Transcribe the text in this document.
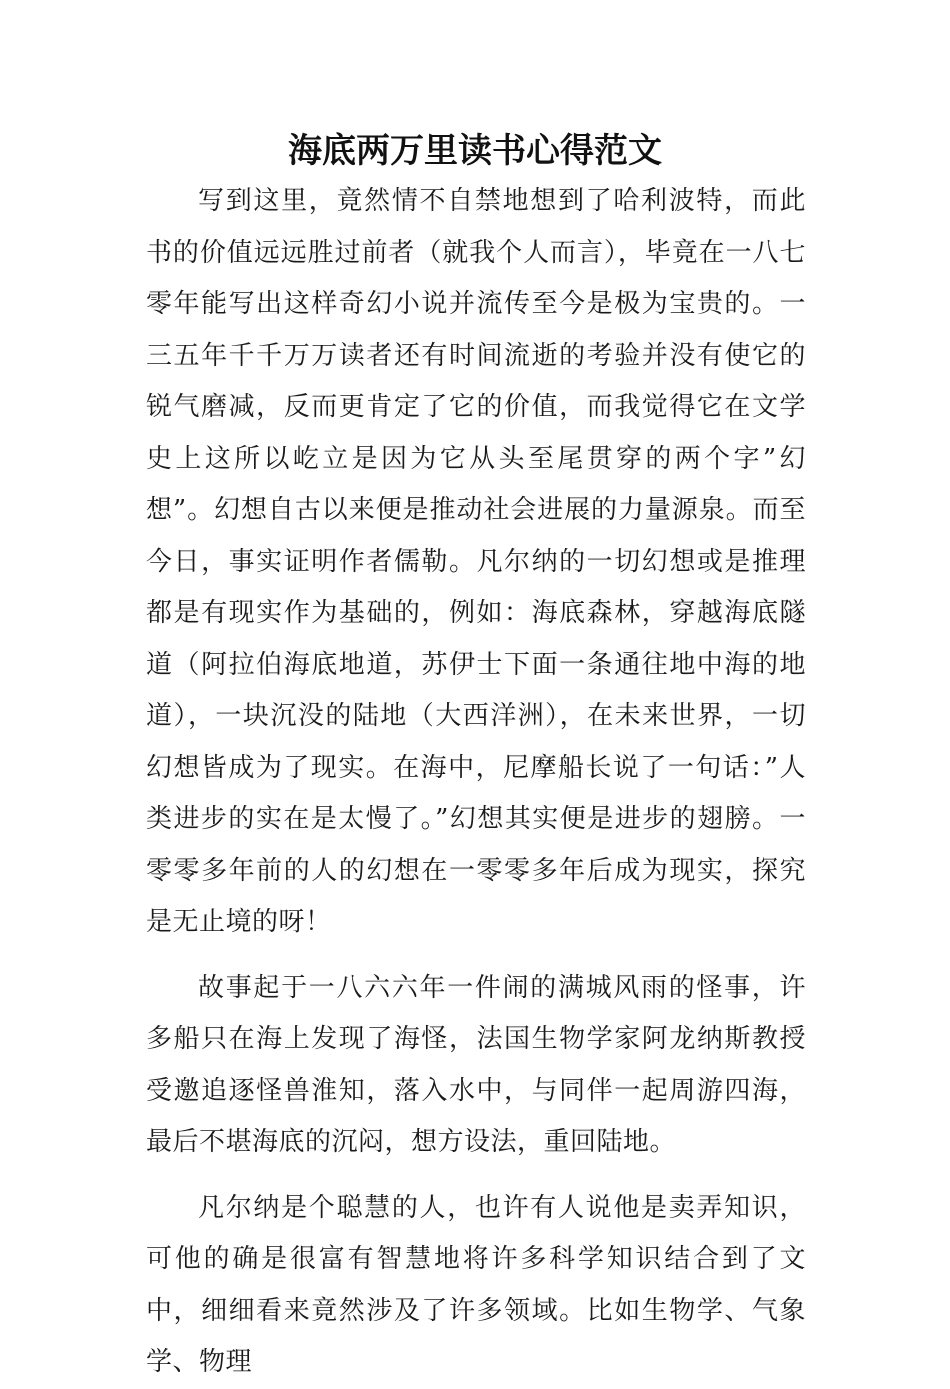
海底两万里读书心得范文

写到这里，竟然情不自禁地想到了哈利波特，而此书的价值远远胜过前者（就我个人而言），毕竟在一八七零年能写出这样奇幻小说并流传至今是极为宝贵的。一三五年千千万万读者还有时间流逝的考验并没有使它的锐气磨减，反而更肯定了它的价值，而我觉得它在文学史上这所以屹立是因为它从头至尾贯穿的两个字”幻想”。幻想自古以来便是推动社会进展的力量源泉。而至今日，事实证明作者儒勒。凡尔纳的一切幻想或是推理都是有现实作为基础的，例如：海底森林，穿越海底隧道（阿拉伯海底地道，苏伊士下面一条通往地中海的地道），一块沉没的陆地（大西洋洲），在未来世界，一切幻想皆成为了现实。在海中，尼摩船长说了一句话：”人类进步的实在是太慢了。”幻想其实便是进步的翅膀。一零零多年前的人的幻想在一零零多年后成为现实，探究是无止境的呀！

故事起于一八六六年一件闹的满城风雨的怪事，许多船只在海上发现了海怪，法国生物学家阿龙纳斯教授受邀追逐怪兽淮知，落入水中，与同伴一起周游四海，最后不堪海底的沉闷，想方设法，重回陆地。

凡尔纳是个聪慧的人，也许有人说他是卖弄知识，可他的确是很富有智慧地将许多科学知识结合到了文中，细细看来竟然涉及了许多领域。比如生物学、气象学、物理
